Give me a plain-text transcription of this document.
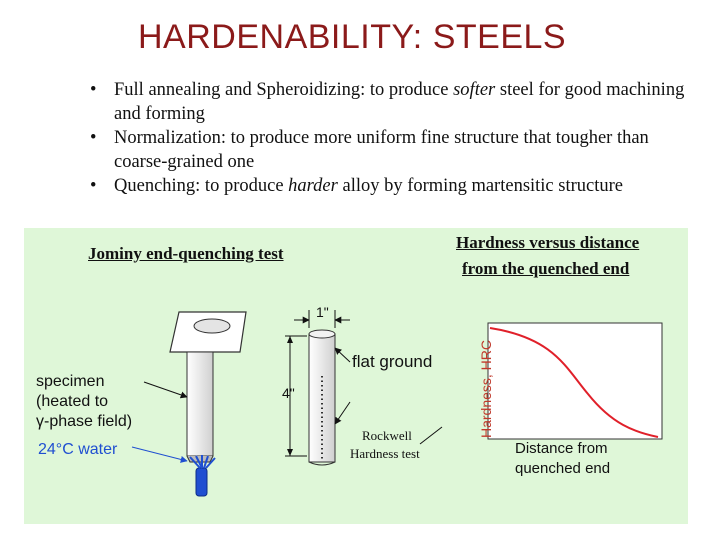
HARDENABILITY: STEELS
• Full annealing and Spheroidizing: to produce softer steel for good machining and forming
• Normalization: to produce more uniform fine structure that tougher than coarse-grained one
• Quenching: to produce harder alloy by forming martensitic structure
Jominy end-quenching test
Hardness versus distance
from the quenched end
specimen
(heated to
γ-phase field)
24°C water
1"
4"
flat ground
Rockwell
Hardness test
Hardness, HRC
Distance from
quenched end
